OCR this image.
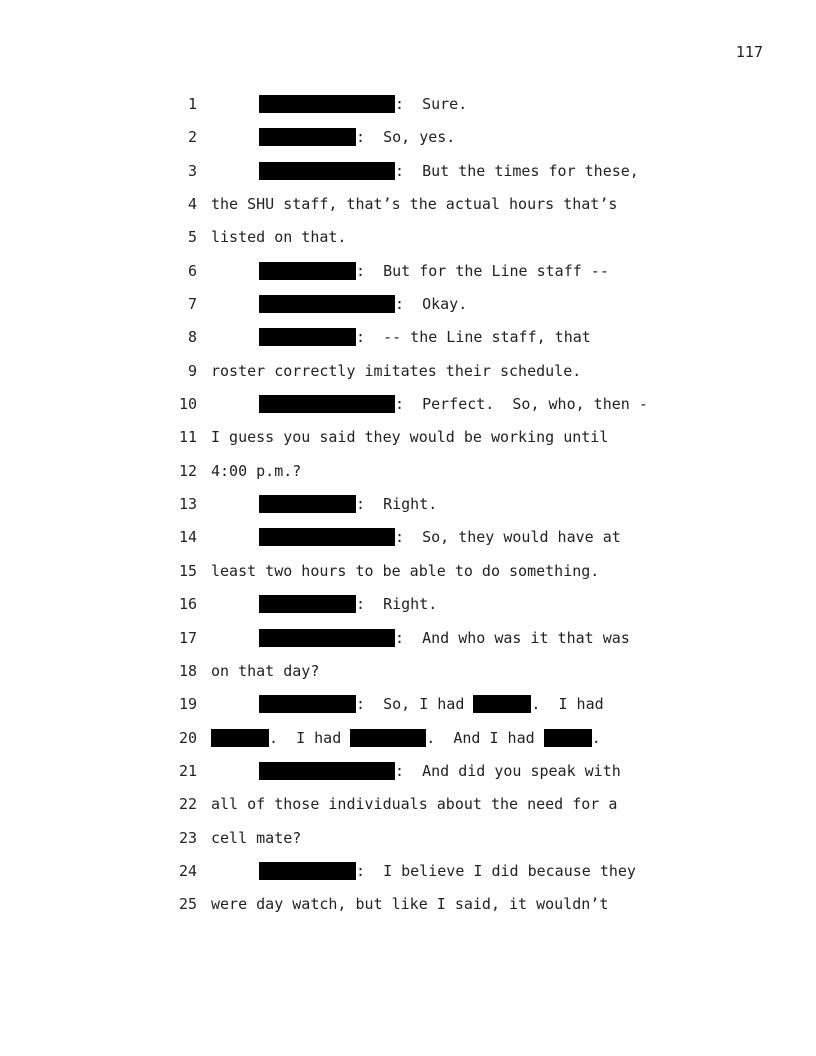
117

1

	:  Sure.

2

	:  So, yes.

3

	:  But the times for these,

4

the SHU staff, that’s the actual hours that’s

5

listed on that.

6

	:  But for the Line staff --

7

	:  Okay.

8

	:  -- the Line staff, that

9

roster correctly imitates their schedule.

10

	:  Perfect.  So, who, then -

11

I guess you said they would be working until

12

4:00 p.m.?

13

	:  Right.

14

	:  So, they would have at

15

least two hours to be able to do something.

16

	:  Right.

17

	:  And who was it that was

18

on that day?

19

	:  So, I had	.  I had

20

	.  I had	.  And I had	.

21

	:  And did you speak with

22

all of those individuals about the need for a

23

cell mate?

24

	:  I believe I did because they

25

were day watch, but like I said, it wouldn’t
